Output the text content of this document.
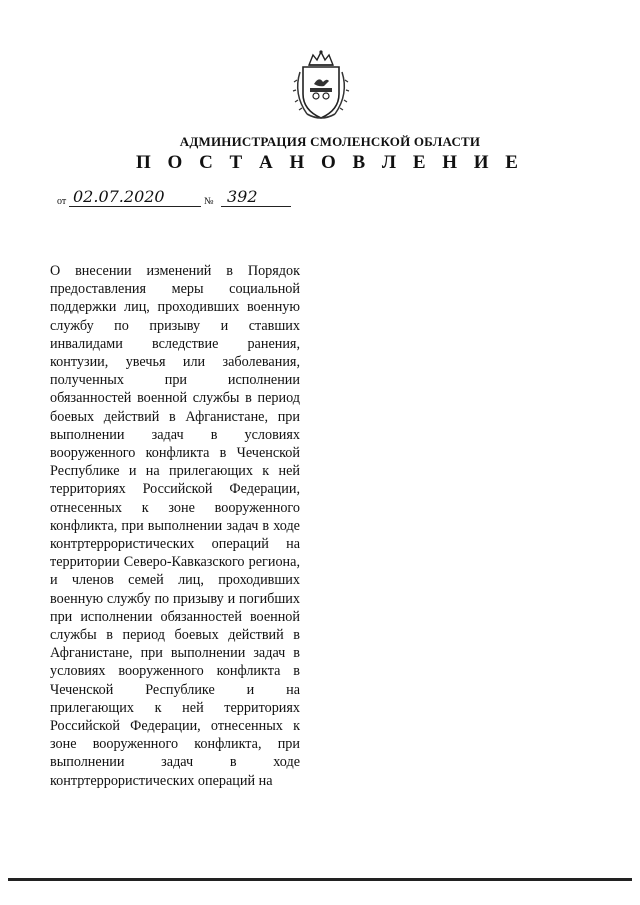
АДМИНИСТРАЦИЯ СМОЛЕНСКОЙ ОБЛАСТИ
П О С Т А Н О В Л Е Н И Е
от 02.07.2020	№ 392
О внесении изменений в Порядок предоставления меры социальной поддержки лиц, проходивших военную службу по призыву и ставших инвалидами вследствие ранения, контузии, увечья или заболевания, полученных при исполнении обязанностей военной службы в период боевых действий в Афганистане, при выполнении задач в условиях вооруженного конфликта в Чеченской Республике и на прилегающих к ней территориях Российской Федерации, отнесенных к зоне вооруженного конфликта, при выполнении задач в ходе контртеррористических операций на территории Северо-Кавказского региона, и членов семей лиц, проходивших военную службу по призыву и погибших при исполнении обязанностей военной службы в период боевых действий в Афганистане, при выполнении задач в условиях вооруженного конфликта в Чеченской Республике и на прилегающих к ней территориях Российской Федерации, отнесенных к зоне вооруженного конфликта, при выполнении задач в ходе контртеррористических операций на
